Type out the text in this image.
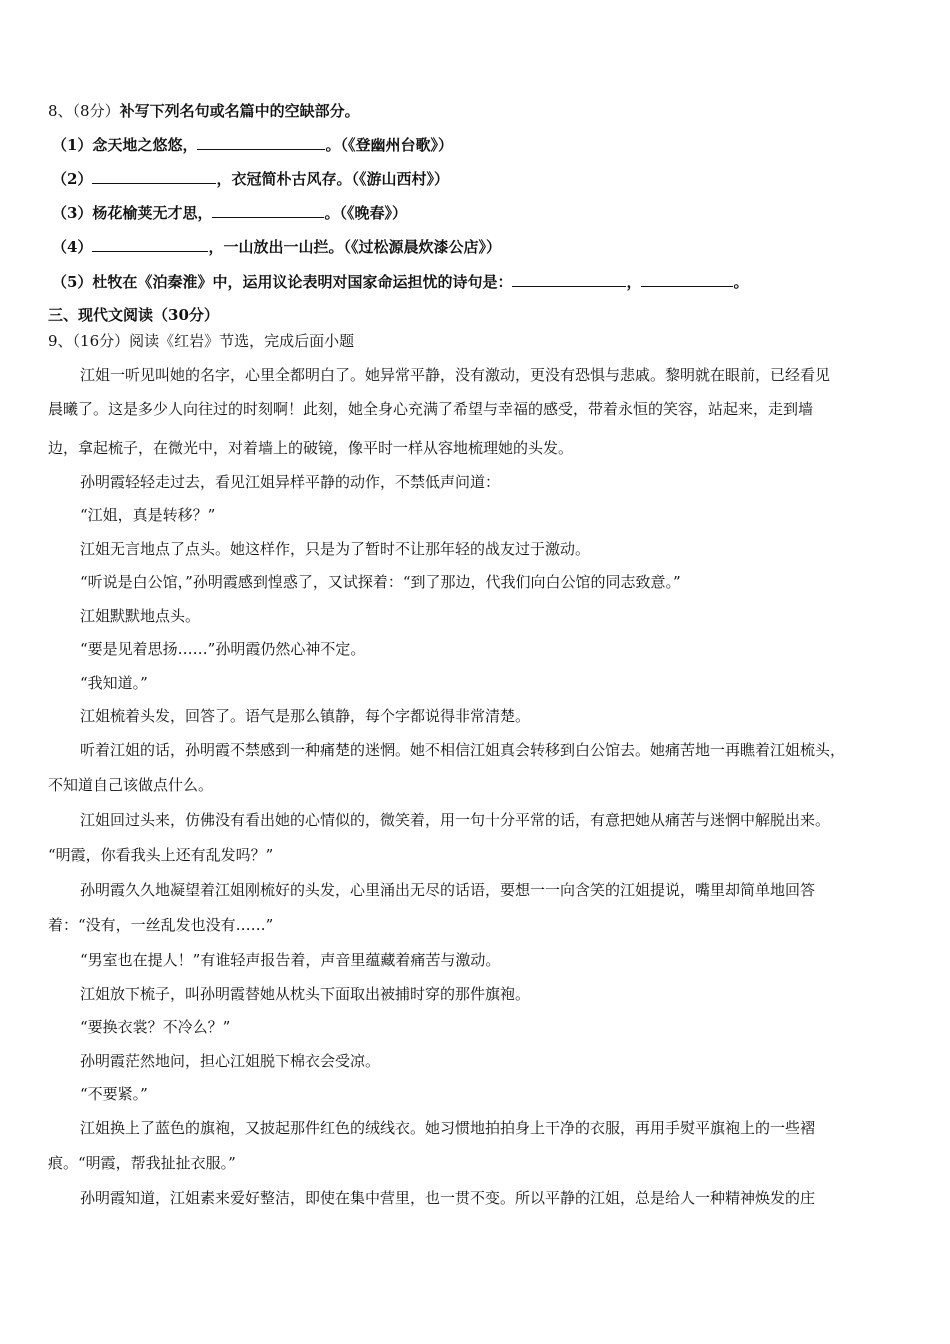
8、（8分）补写下列名句或名篇中的空缺部分。
（1）念天地之悠悠，	。（《登幽州台歌》）
（2）	，衣冠简朴古风存。（《游山西村》）
（3）杨花榆荚无才思，	。（《晚春》）
（4）	，一山放出一山拦。（《过松源晨炊漆公店》）
（5）杜牧在《泊秦淮》中，运用议论表明对国家命运担忧的诗句是：	，	。
三、现代文阅读（30分）
9、（16分）阅读《红岩》节选，完成后面小题
江姐一听见叫她的名字，心里全都明白了。她异常平静，没有激动，更没有恐惧与悲戚。黎明就在眼前，已经看见
晨曦了。这是多少人向往过的时刻啊！此刻，她全身心充满了希望与幸福的感受，带着永恒的笑容，站起来，走到墙
边，拿起梳子，在微光中，对着墙上的破镜，像平时一样从容地梳理她的头发。
孙明霞轻轻走过去，看见江姐异样平静的动作，不禁低声问道：
“江姐，真是转移？”
江姐无言地点了点头。她这样作，只是为了暂时不让那年轻的战友过于激动。
“听说是白公馆，”孙明霞感到惶惑了，又试探着：“到了那边，代我们向白公馆的同志致意。”
江姐默默地点头。
“要是见着思扬……”孙明霞仍然心神不定。
“我知道。”
江姐梳着头发，回答了。语气是那么镇静，每个字都说得非常清楚。
听着江姐的话，孙明霞不禁感到一种痛楚的迷惘。她不相信江姐真会转移到白公馆去。她痛苦地一再瞧着江姐梳头，
不知道自己该做点什么。
江姐回过头来，仿佛没有看出她的心情似的，微笑着，用一句十分平常的话，有意把她从痛苦与迷惘中解脱出来。
“明霞，你看我头上还有乱发吗？”
孙明霞久久地凝望着江姐刚梳好的头发，心里涌出无尽的话语，要想一一向含笑的江姐提说，嘴里却简单地回答
着：“没有，一丝乱发也没有……”
“男室也在提人！”有谁轻声报告着，声音里蕴藏着痛苦与激动。
江姐放下梳子，叫孙明霞替她从枕头下面取出被捕时穿的那件旗袍。
“要换衣裳？不冷么？”
孙明霞茫然地问，担心江姐脱下棉衣会受凉。
“不要紧。”
江姐换上了蓝色的旗袍，又披起那件红色的绒线衣。她习惯地拍拍身上干净的衣服，再用手熨平旗袍上的一些褶
痕。“明霞，帮我扯扯衣服。”
孙明霞知道，江姐素来爱好整洁，即使在集中营里，也一贯不变。所以平静的江姐，总是给人一种精神焕发的庄
